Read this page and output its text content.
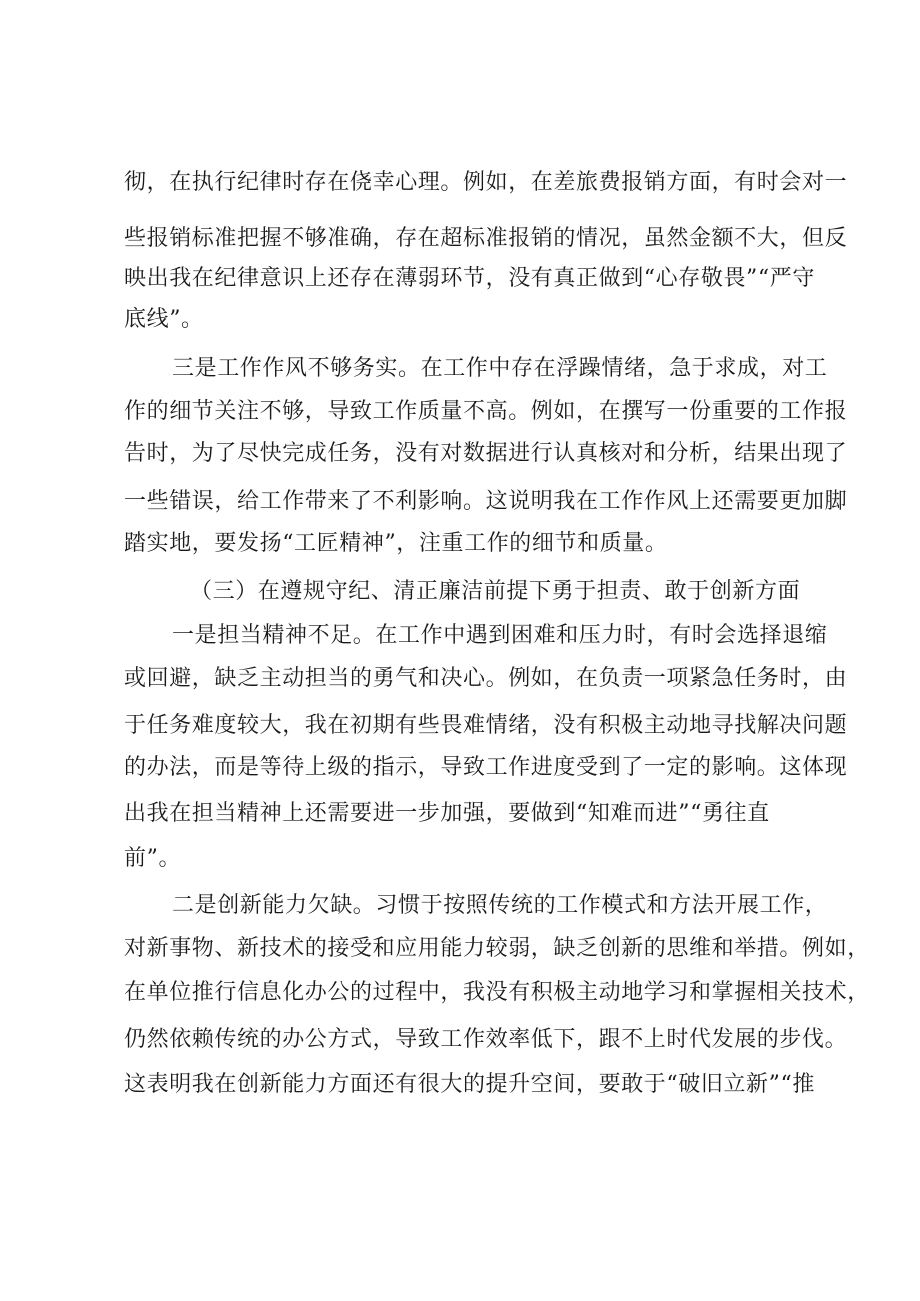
彻，在执行纪律时存在侥幸心理。例如，在差旅费报销方面，有时会对一
些报销标准把握不够准确，存在超标准报销的情况，虽然金额不大，但反
映出我在纪律意识上还存在薄弱环节，没有真正做到“心存敬畏”“严守
底线”。
三是工作作风不够务实。在工作中存在浮躁情绪，急于求成，对工
作的细节关注不够，导致工作质量不高。例如，在撰写一份重要的工作报
告时，为了尽快完成任务，没有对数据进行认真核对和分析，结果出现了
一些错误，给工作带来了不利影响。这说明我在工作作风上还需要更加脚
踏实地，要发扬“工匠精神”，注重工作的细节和质量。
（三）在遵规守纪、清正廉洁前提下勇于担责、敢于创新方面
一是担当精神不足。在工作中遇到困难和压力时，有时会选择退缩
或回避，缺乏主动担当的勇气和决心。例如，在负责一项紧急任务时，由
于任务难度较大，我在初期有些畏难情绪，没有积极主动地寻找解决问题
的办法，而是等待上级的指示，导致工作进度受到了一定的影响。这体现
出我在担当精神上还需要进一步加强，要做到“知难而进”“勇往直
前”。
二是创新能力欠缺。习惯于按照传统的工作模式和方法开展工作，
对新事物、新技术的接受和应用能力较弱，缺乏创新的思维和举措。例如，
在单位推行信息化办公的过程中，我没有积极主动地学习和掌握相关技术，
仍然依赖传统的办公方式，导致工作效率低下，跟不上时代发展的步伐。
这表明我在创新能力方面还有很大的提升空间，要敢于“破旧立新”“推
